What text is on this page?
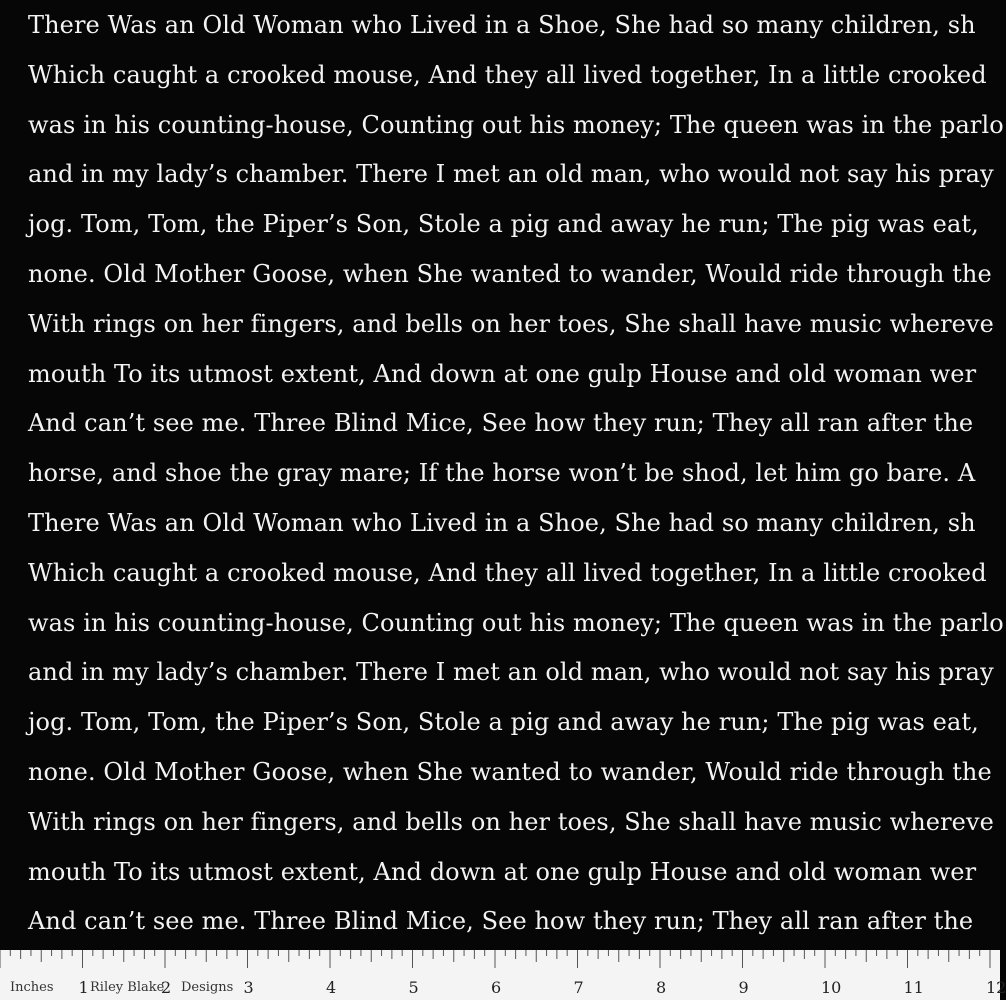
There Was an Old Woman who Lived in a Shoe, She had so many children, sh
Which caught a crooked mouse, And they all lived together, In a little crooked
was in his counting-house, Counting out his money; The queen was in the parlo
and in my lady’s chamber. There I met an old man, who would not say his pray
jog. Tom, Tom, the Piper’s Son, Stole a pig and away he run; The pig was eat,
none. Old Mother Goose, when She wanted to wander, Would ride through the
With rings on her fingers, and bells on her toes, She shall have music whereve
mouth To its utmost extent, And down at one gulp House and old woman wer
And can’t see me. Three Blind Mice, See how they run; They all ran after the
horse, and shoe the gray mare; If the horse won’t be shod, let him go bare. A
There Was an Old Woman who Lived in a Shoe, She had so many children, sh
Which caught a crooked mouse, And they all lived together, In a little crooked
was in his counting-house, Counting out his money; The queen was in the parlo
and in my lady’s chamber. There I met an old man, who would not say his pray
jog. Tom, Tom, the Piper’s Son, Stole a pig and away he run; The pig was eat,
none. Old Mother Goose, when She wanted to wander, Would ride through the
With rings on her fingers, and bells on her toes, She shall have music whereve
mouth To its utmost extent, And down at one gulp House and old woman wer
And can’t see me. Three Blind Mice, See how they run; They all ran after the
Inches	Riley Blake Designs
1	2	3	4	5	6	7	8	9	10	11	12
